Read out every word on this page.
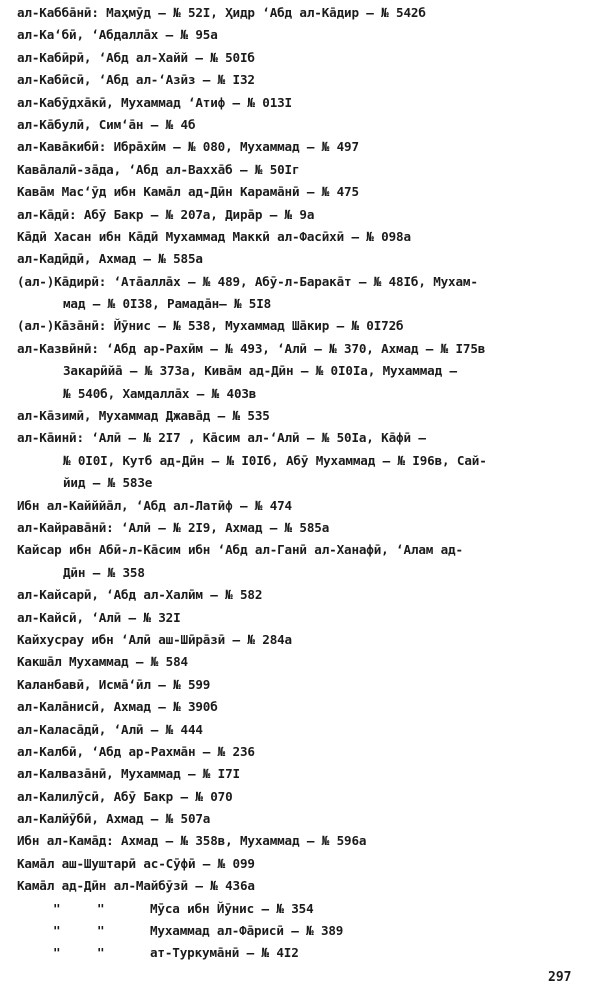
ал-Каббāнӣ: Маҳмӯд – № 52I, Ҳидр ʻАбд ал-Кāдир – № 542б
ал-Каʻбӣ, ʻАбдаллāх – № 95а
ал-Кабӣрӣ, ʻАбд ал-Хайй – № 50Iб
ал-Кабӣсӣ, ʻАбд ал-ʻАзӣз – № I32
ал-Кабӯдхāкӣ, Мухаммад ʻАтиф – № 013I
ал-Кāбулӣ, Симʻāн – № 4б
ал-Кавāкибӣ: Ибрāхӣм – № 080, Мухаммад – № 497
Кавāлалӣ-зāда, ʻАбд ал-Ваххāб – № 50Iг
Кавāм Масʻӯд ибн Камāл ад-Дӣн Карамāнӣ – № 475
ал-Кāдӣ: Абӯ Бакр – № 207а, Дирāр – № 9а
Кāдӣ Хасан ибн Кāдӣ Мухаммад Маккӣ ал-Фасӣхӣ – № 098а
ал-Кадӣдӣ, Ахмад – № 585а
(ал-)Кāдирӣ: ʻАтāаллāх – № 489, Абӯ-л-Баракāт – № 48Iб, Мухам-
мад – № 0I38, Рамадāн– № 5I8
(ал-)Кāзāнӣ: Йӯнис – № 538, Мухаммад Шāкир – № 0I72б
ал-Казвӣнӣ: ʻАбд ар-Рахӣм – № 493, ʻАлӣ – № 370, Ахмад – № I75в
Закарӣйā – № 373а, Кивāм ад-Дӣн – № 0I0Iа, Мухаммад –
№ 540б, Хамдаллāх – № 403в
ал-Кāзимӣ, Мухаммад Джавāд – № 535
ал-Кāинӣ: ʻАлӣ – № 2I7 , Кāсим ал-ʻАлӣ – № 50Iа, Кāфӣ –
№ 0I0I, Кутб ад-Дӣн – № I0Iб, Абӯ Мухаммад – № I96в, Сай-
йид – № 583е
Ибн ал-Кайййāл, ʻАбд ал-Латӣф – № 474
ал-Кайравāнӣ: ʻАлӣ – № 2I9, Ахмад – № 585а
Кайсар ибн Абӣ-л-Кāсим ибн ʻАбд ал-Ганӣ ал-Ханафӣ, ʻАлам ад-
Дӣн – № 358
ал-Кайсарӣ, ʻАбд ал-Халӣм – № 582
ал-Кайсӣ, ʻАлӣ – № 32I
Кайхусрау ибн ʻАлӣ аш-Шӣрāзӣ – № 284а
Какшāл Мухаммад – № 584
Каланбавӣ, Исмāʻӣл – № 599
ал-Калāнисӣ, Ахмад – № 390б
ал-Каласāдӣ, ʻАлӣ – № 444
ал-Калбӣ, ʻАбд ар-Рахмāн – № 236
ал-Калвазāнӣ, Мухаммад – № I7I
ал-Калилӯсӣ, Абӯ Бакр – № 070
ал-Калйӯбӣ, Ахмад – № 507а
Ибн ал-Камāд: Ахмад – № 358в, Мухаммад – № 596а
Камāл аш-Шуштарӣ ас-Сӯфӣ – № 099
Камāл ад-Дӣн ал-Майбӯзӣ – № 436а
"	"	Мӯса ибн Йӯнис – № 354
"	"	Мухаммад ал-Фāрисӣ – № 389
"	"	ат-Туркумāнӣ – № 4I2
297
